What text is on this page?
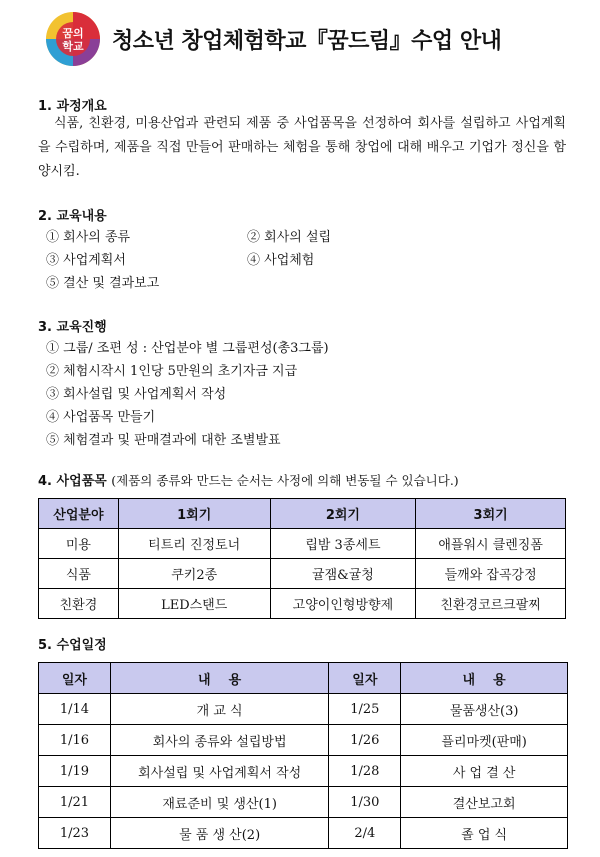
꿈의
학교 청소년 창업체험학교『꿈드림』수업 안내
1. 과정개요
식품, 친환경, 미용산업과 관련되 제품 중 사업품목을 선정하여 회사를 설립하고 사업계획을 수립하며, 제품을 직접 만들어 판매하는 체험을 통해 창업에 대해 배우고 기업가 정신을 함양시킴.
2. 교육내용
① 회사의 종류	② 회사의 설립
③ 사업계획서	④ 사업체험
⑤ 결산 및 결과보고
3. 교육진행
① 그룹/ 조편 성 : 산업분야 별 그룹편성(총3그룹)
② 체험시작시 1인당 5만원의 초기자금 지급
③ 회사설립 및 사업계획서 작성
④ 사업품목 만들기
⑤ 체험결과 및 판매결과에 대한 조별발표
4. 사업품목 (제품의 종류와 만드는 순서는 사정에 의해 변동될 수 있습니다.)
산업분야	1회기	2회기	3회기
미용	티트리 진정토너	립밤 3종세트	애플워시 클렌징폼
식품	쿠키2종	귤잼&귤청	들깨와 잡곡강정
친환경	LED스탠드	고양이인형방향제	친환경코르크팔찌
5. 수업일정
일자	내    용	일자	내    용
1/14	개 교 식	1/25	물품생산(3)
1/16	회사의 종류와 설립방법	1/26	플리마켓(판매)
1/19	회사설립 및 사업계획서 작성	1/28	사 업 결 산
1/21	재료준비 및 생산(1)	1/30	결산보고회
1/23	물 품 생 산(2)	2/4	졸 업 식
